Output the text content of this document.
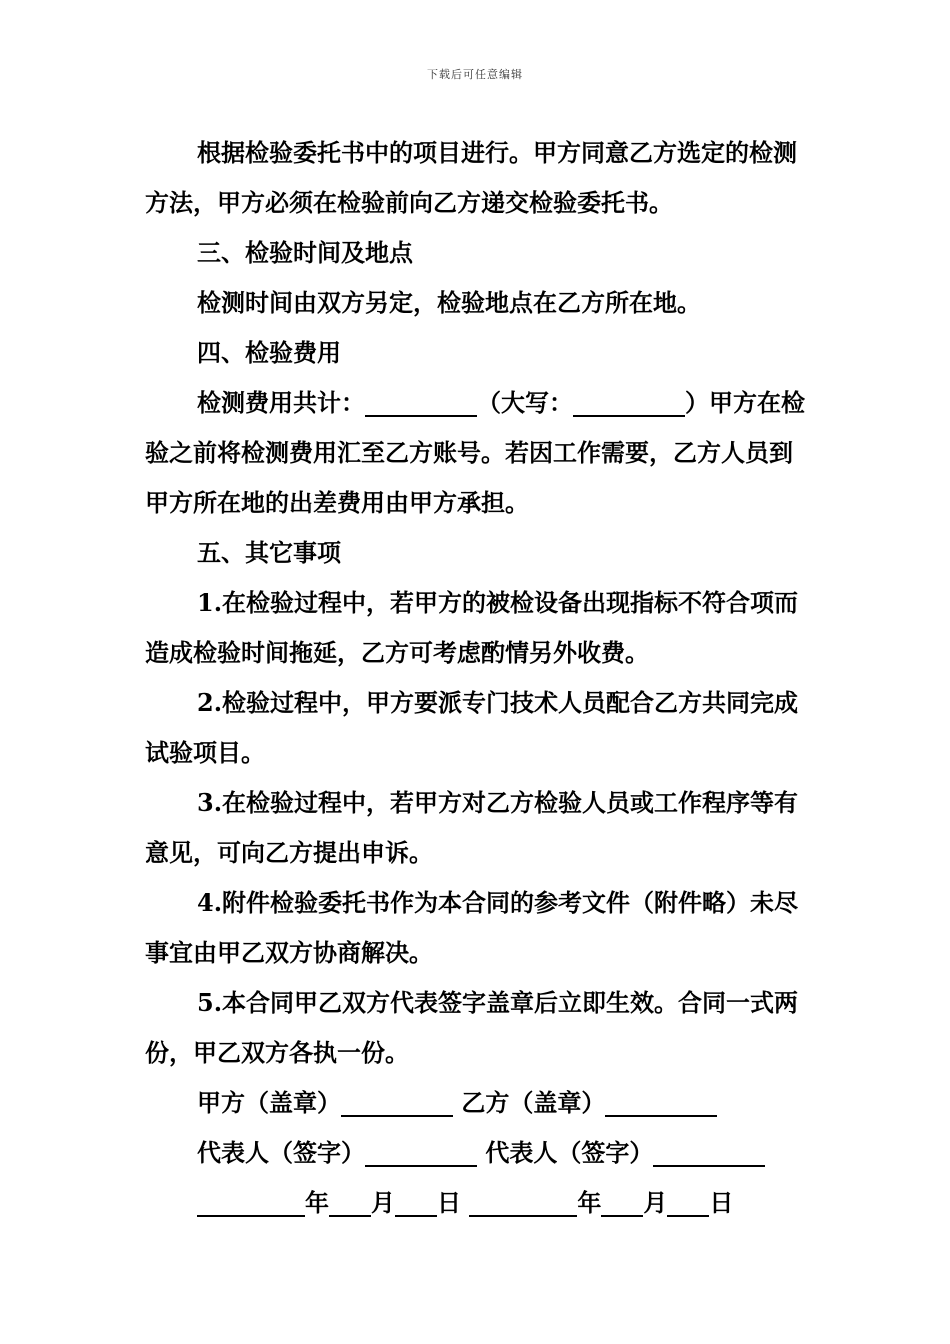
下载后可任意编辑

根据检验委托书中的项目进行。甲方同意乙方选定的检测方法，甲方必须在检验前向乙方递交检验委托书。

三、检验时间及地点

检测时间由双方另定，检验地点在乙方所在地。

四、检验费用

检测费用共计：	（大写：	）甲方在检验之前将检测费用汇至乙方账号。若因工作需要，乙方人员到甲方所在地的出差费用由甲方承担。

五、其它事项

1.在检验过程中，若甲方的被检设备出现指标不符合项而造成检验时间拖延，乙方可考虑酌情另外收费。

2.检验过程中，甲方要派专门技术人员配合乙方共同完成试验项目。

3.在检验过程中，若甲方对乙方检验人员或工作程序等有意见，可向乙方提出申诉。

4.附件检验委托书作为本合同的参考文件（附件略）未尽事宜由甲乙双方协商解决。

5.本合同甲乙双方代表签字盖章后立即生效。合同一式两份，甲乙双方各执一份。

甲方（盖章）	乙方（盖章）

代表人（签字）	代表人（签字）

年 月 日	年 月 日
